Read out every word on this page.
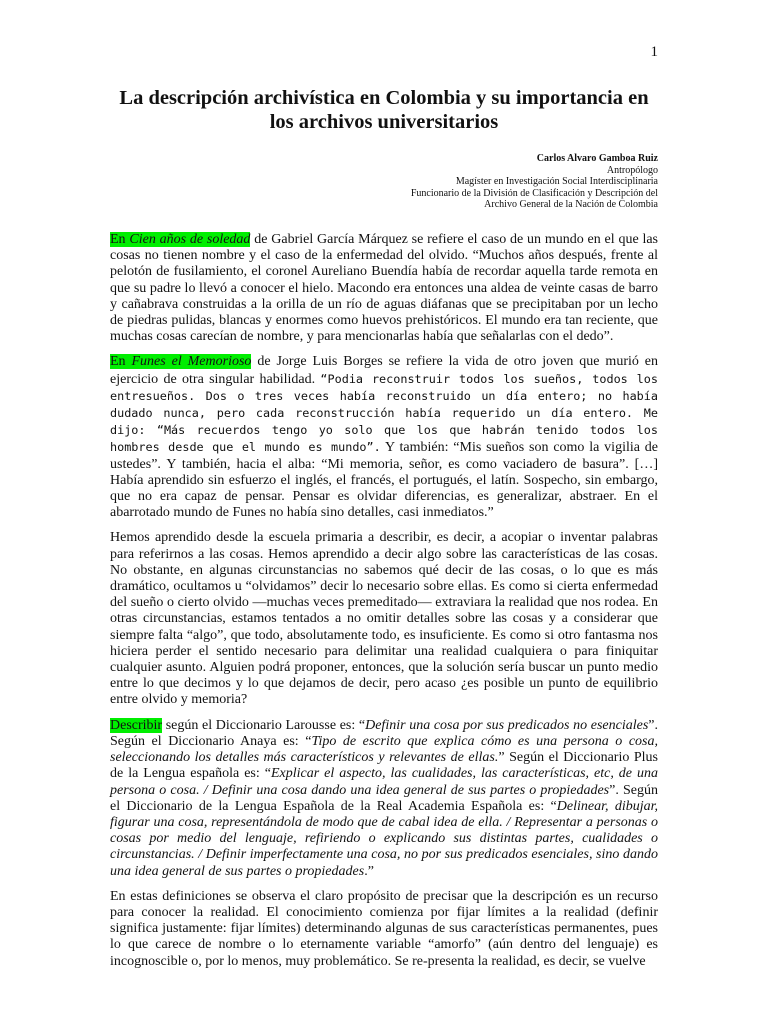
1
La descripción archivística en Colombia y su importancia en los archivos universitarios
Carlos Alvaro Gamboa Ruiz
Antropólogo
Magíster en Investigación Social Interdisciplinaria
Funcionario de la División de Clasificación y Descripción del
Archivo General de la Nación de Colombia

En Cien años de soledad de Gabriel García Márquez se refiere el caso de un mundo en el que las cosas no tienen nombre y el caso de la enfermedad del olvido. “Muchos años después, frente al pelotón de fusilamiento, el coronel Aureliano Buendía había de recordar aquella tarde remota en que su padre lo llevó a conocer el hielo. Macondo era entonces una aldea de veinte casas de barro y cañabrava construidas a la orilla de un río de aguas diáfanas que se precipitaban por un lecho de piedras pulidas, blancas y enormes como huevos prehistóricos. El mundo era tan reciente, que muchas cosas carecían de nombre, y para mencionarlas había que señalarlas con el dedo”.

En Funes el Memorioso de Jorge Luis Borges se refiere la vida de otro joven que murió en ejercicio de otra singular habilidad. “Podia reconstruir todos los sueños, todos los entresueños. Dos o tres veces había reconstruido un día entero; no había dudado nunca, pero cada reconstrucción había requerido un día entero. Me dijo: “Más recuerdos tengo yo solo que los que habrán tenido todos los hombres desde que el mundo es mundo”. Y también: “Mis sueños son como la vigilia de ustedes”. Y también, hacia el alba: “Mi memoria, señor, es como vaciadero de basura”. […] Había aprendido sin esfuerzo el inglés, el francés, el portugués, el latín. Sospecho, sin embargo, que no era capaz de pensar. Pensar es olvidar diferencias, es generalizar, abstraer. En el abarrotado mundo de Funes no había sino detalles, casi inmediatos.”

Hemos aprendido desde la escuela primaria a describir, es decir, a acopiar o inventar palabras para referirnos a las cosas. Hemos aprendido a decir algo sobre las características de las cosas. No obstante, en algunas circunstancias no sabemos qué decir de las cosas, o lo que es más dramático, ocultamos u “olvidamos” decir lo necesario sobre ellas. Es como si cierta enfermedad del sueño o cierto olvido —muchas veces premeditado— extraviara la realidad que nos rodea. En otras circunstancias, estamos tentados a no omitir detalles sobre las cosas y a considerar que siempre falta “algo”, que todo, absolutamente todo, es insuficiente. Es como si otro fantasma nos hiciera perder el sentido necesario para delimitar una realidad cualquiera o para finiquitar cualquier asunto. Alguien podrá proponer, entonces, que la solución sería buscar un punto medio entre lo que decimos y lo que dejamos de decir, pero acaso ¿es posible un punto de equilibrio entre olvido y memoria?

Describir según el Diccionario Larousse es: “Definir una cosa por sus predicados no esenciales”. Según el Diccionario Anaya es: “Tipo de escrito que explica cómo es una persona o cosa, seleccionando los detalles más característicos y relevantes de ellas.” Según el Diccionario Plus de la Lengua española es: “Explicar el aspecto, las cualidades, las características, etc, de una persona o cosa. / Definir una cosa dando una idea general de sus partes o propiedades”. Según el Diccionario de la Lengua Española de la Real Academia Española es: “Delinear, dibujar, figurar una cosa, representándola de modo que de cabal idea de ella. / Representar a personas o cosas por medio del lenguaje, refiriendo o explicando sus distintas partes, cualidades o circunstancias. / Definir imperfectamente una cosa, no por sus predicados esenciales, sino dando una idea general de sus partes o propiedades.”

En estas definiciones se observa el claro propósito de precisar que la descripción es un recurso para conocer la realidad. El conocimiento comienza por fijar límites a la realidad (definir significa justamente: fijar límites) determinando algunas de sus características permanentes, pues lo que carece de nombre o lo eternamente variable “amorfo” (aún dentro del lenguaje) es incognoscible o, por lo menos, muy problemático. Se re-presenta la realidad, es decir, se vuelve
